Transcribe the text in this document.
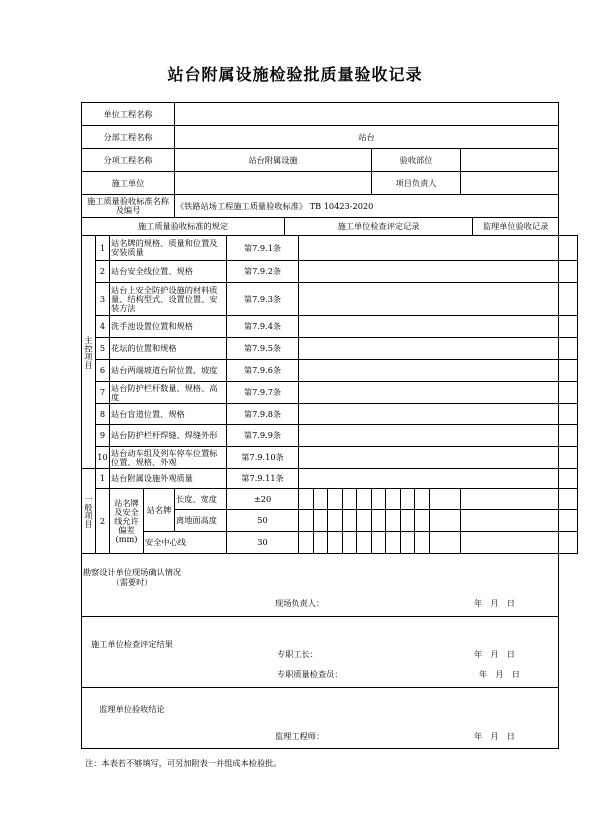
站台附属设施检验批质量验收记录
单位工程名称																			
分部工程名称				站台															
分项工程名称				站台附属设施								验收部位							
施工单位												项目负责人							
施工质量验收标准名称及编号				《铁路站场工程施工质量验收标准》 TB 10423-2020															
施工质量验收标准的规定						施工单位检查评定记录												监理单位验收记录	
主控项目	1	站名牌的规格、质量和位置及安装质量			第7.9.1条														
	2	站台安全线位置、规格			第7.9.2条														
	3	站台上安全防护设施的材料质量、结构型式、设置位置、安装方法			第7.9.3条														
	4	洗手池设置位置和规格			第7.9.4条														
	5	花坛的位置和规格			第7.9.5条														
	6	站台两端坡道台阶位置、坡度			第7.9.6条														
	7	站台防护栏杆数量、规格、高度			第7.9.7条														
	8	站台盲道位置、规格			第7.9.8条														
	9	站台防护栏杆焊缝、焊缝外形			第7.9.9条														
	10	站台动车组及列车停车位置标位置、规格、外观			第7.9.10条														
一般项目	1	站台附属设施外观质量			第7.9.11条														
	2	站名牌及安全线允许偏差(mm)	站名牌	长度、宽度	±20														
				离地面高度	50														
			安全中心线		30														

勘察设计单位现场确认情况（需要时）
现场负责人： 年　月　日																			

施工单位检查评定结果
专职工长： 年　月　日
专职质量检查员： 年　月　日																			

监理单位验收结论
监理工程师： 年　月　日																			
注：本表若不够填写，可另加附表一并组成本检验批。
